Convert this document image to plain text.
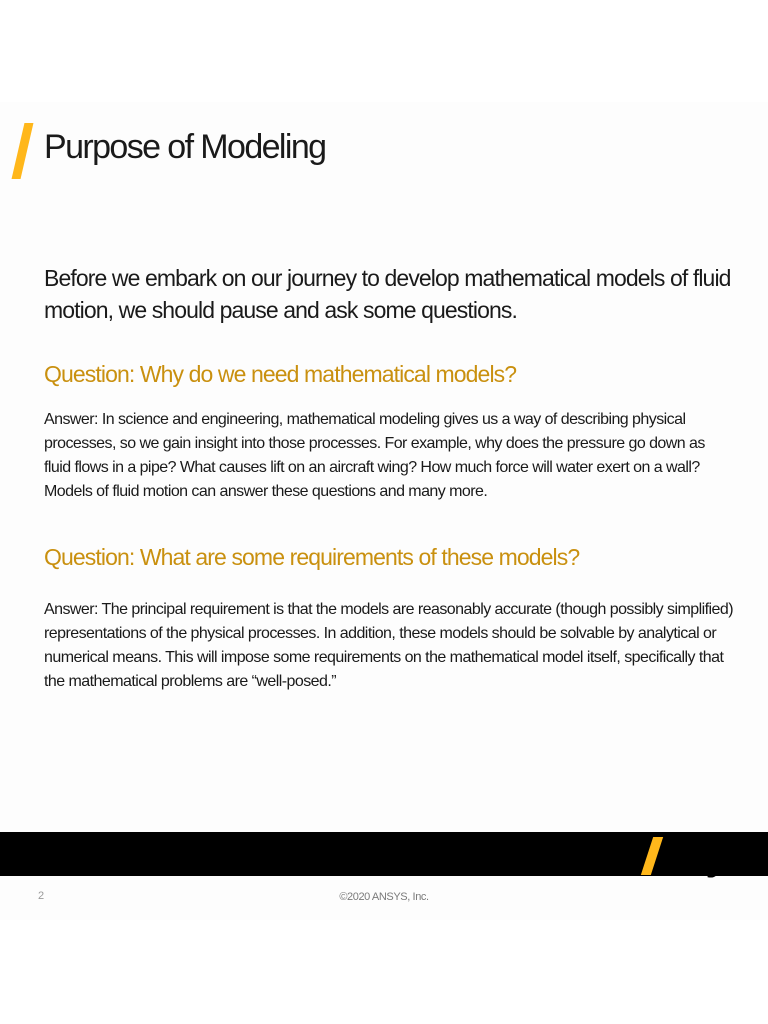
Purpose of Modeling

Before we embark on our journey to develop mathematical models of fluid motion, we should pause and ask some questions.

Question: Why do we need mathematical models?

Answer: In science and engineering, mathematical modeling gives us a way of describing physical processes, so we gain insight into those processes. For example, why does the pressure go down as fluid flows in a pipe? What causes lift on an aircraft wing? How much force will water exert on a wall? Models of fluid motion can answer these questions and many more.

Question: What are some requirements of these models?

Answer: The principal requirement is that the models are reasonably accurate (though possibly simplified) representations of the physical processes. In addition, these models should be solvable by analytical or numerical means. This will impose some requirements on the mathematical model itself, specifically that the mathematical problems are “well-posed.”

nsys
2	©2020 ANSYS, Inc.
